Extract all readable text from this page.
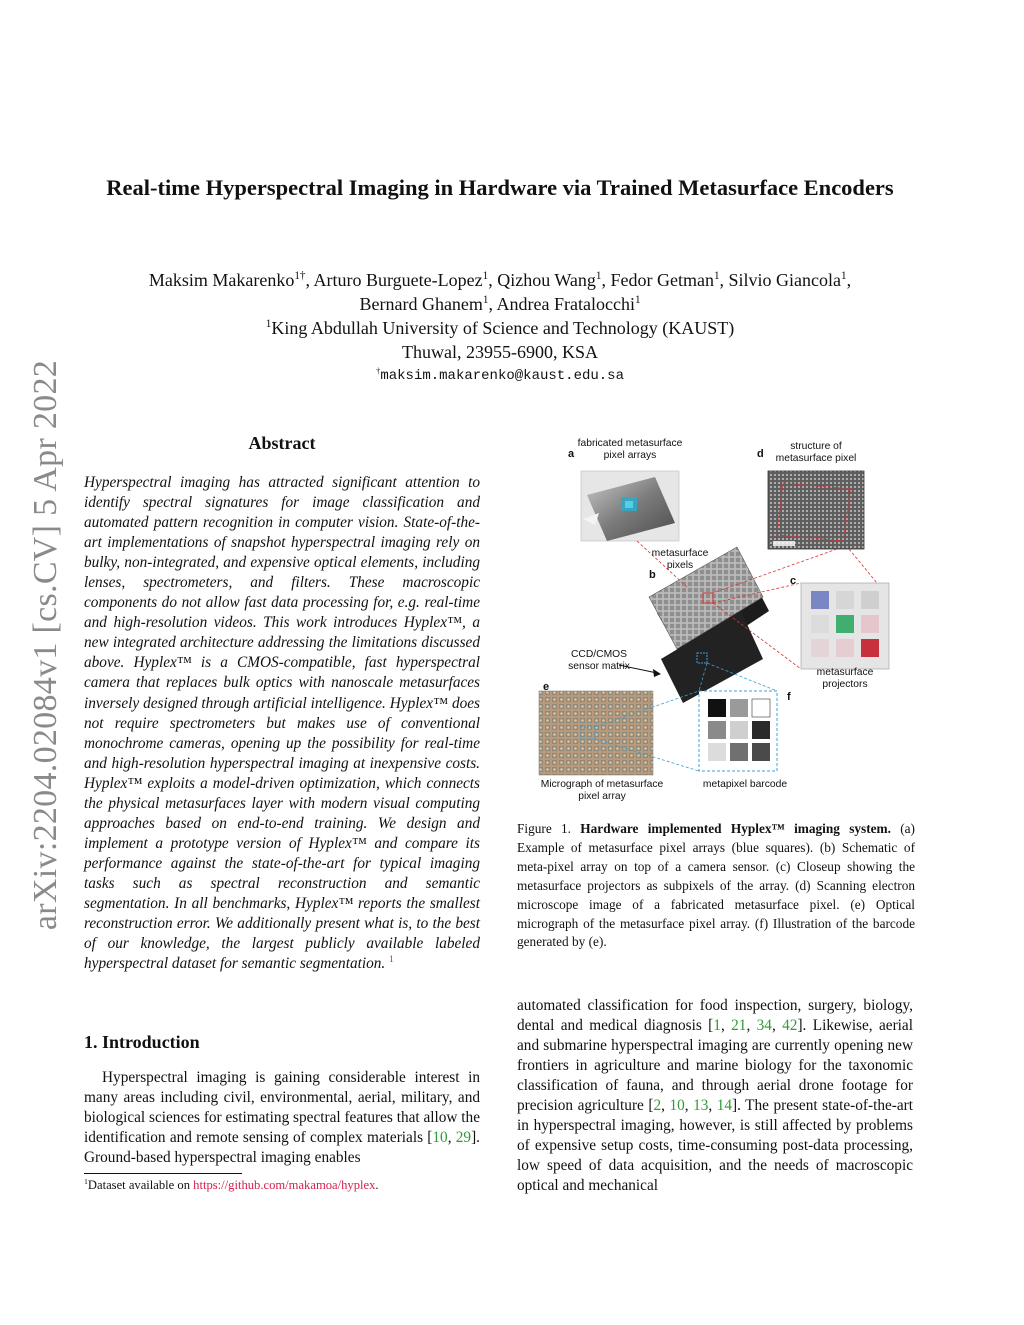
arXiv:2204.02084v1 [cs.CV] 5 Apr 2022
Real-time Hyperspectral Imaging in Hardware via Trained Metasurface Encoders
Maksim Makarenko$^{1\dagger}$, Arturo Burguete-Lopez$^1$, Qizhou Wang$^1$, Fedor Getman$^1$, Silvio Giancola$^1$,
Bernard Ghanem$^1$, Andrea Fratalocchi$^1$
$^1$King Abdullah University of Science and Technology (KAUST)
Thuwal, 23955-6900, KSA
†maksim.makarenko@kaust.edu.sa
Abstract
Hyperspectral imaging has attracted significant attention to identify spectral signatures for image classification and automated pattern recognition in computer vision. State-of-the-art implementations of snapshot hyperspectral imaging rely on bulky, non-integrated, and expensive optical elements, including lenses, spectrometers, and filters. These macroscopic components do not allow fast data processing for, e.g. real-time and high-resolution videos. This work introduces Hyplex™, a new integrated architecture addressing the limitations discussed above. Hyplex™ is a CMOS-compatible, fast hyperspectral camera that replaces bulk optics with nanoscale metasurfaces inversely designed through artificial intelligence. Hyplex™ does not require spectrometers but makes use of conventional monochrome cameras, opening up the possibility for real-time and high-resolution hyperspectral imaging at inexpensive costs. Hyplex™ exploits a model-driven optimization, which connects the physical metasurfaces layer with modern visual computing approaches based on end-to-end training. We design and implement a prototype version of Hyplex™ and compare its performance against the state-of-the-art for typical imaging tasks such as spectral reconstruction and semantic segmentation. In all benchmarks, Hyplex™ reports the smallest reconstruction error. We additionally present what is, to the best of our knowledge, the largest publicly available labeled hyperspectral dataset for semantic segmentation. $^1$
1. Introduction

Hyperspectral imaging is gaining considerable interest in many areas including civil, environmental, aerial, military, and biological sciences for estimating spectral features that allow the identification and remote sensing of complex materials [10, 29]. Ground-based hyperspectral imaging enables

$^1$Dataset available on https://github.com/makamoa/hyplex.

automated classification for food inspection, surgery, biology, dental and medical diagnosis [1, 21, 34, 42]. Likewise, aerial and submarine hyperspectral imaging are currently opening new frontiers in agriculture and marine biology for the taxonomic classification of fauna, and through aerial drone footage for precision agriculture [2, 10, 13, 14]. The present state-of-the-art in hyperspectral imaging, however, is still affected by problems of expensive setup costs, time-consuming post-data processing, low speed of data acquisition, and the needs of macroscopic optical and mechanical

fabricated metasurface
pixel arrays
a
structure of
metasurface pixel
d
metasurface
pixels
b	c
CCD/CMOS
sensor matrix
metasurface
projectors
e
f
Micrograph of metasurface
pixel array
metapixel barcode
Figure 1. Hardware implemented Hyplex™ imaging system. (a) Example of metasurface pixel arrays (blue squares). (b) Schematic of meta-pixel array on top of a camera sensor. (c) Closeup showing the metasurface projectors as subpixels of the array. (d) Scanning electron microscope image of a fabricated metasurface pixel. (e) Optical micrograph of the metasurface pixel array. (f) Illustration of the barcode generated by (e).
